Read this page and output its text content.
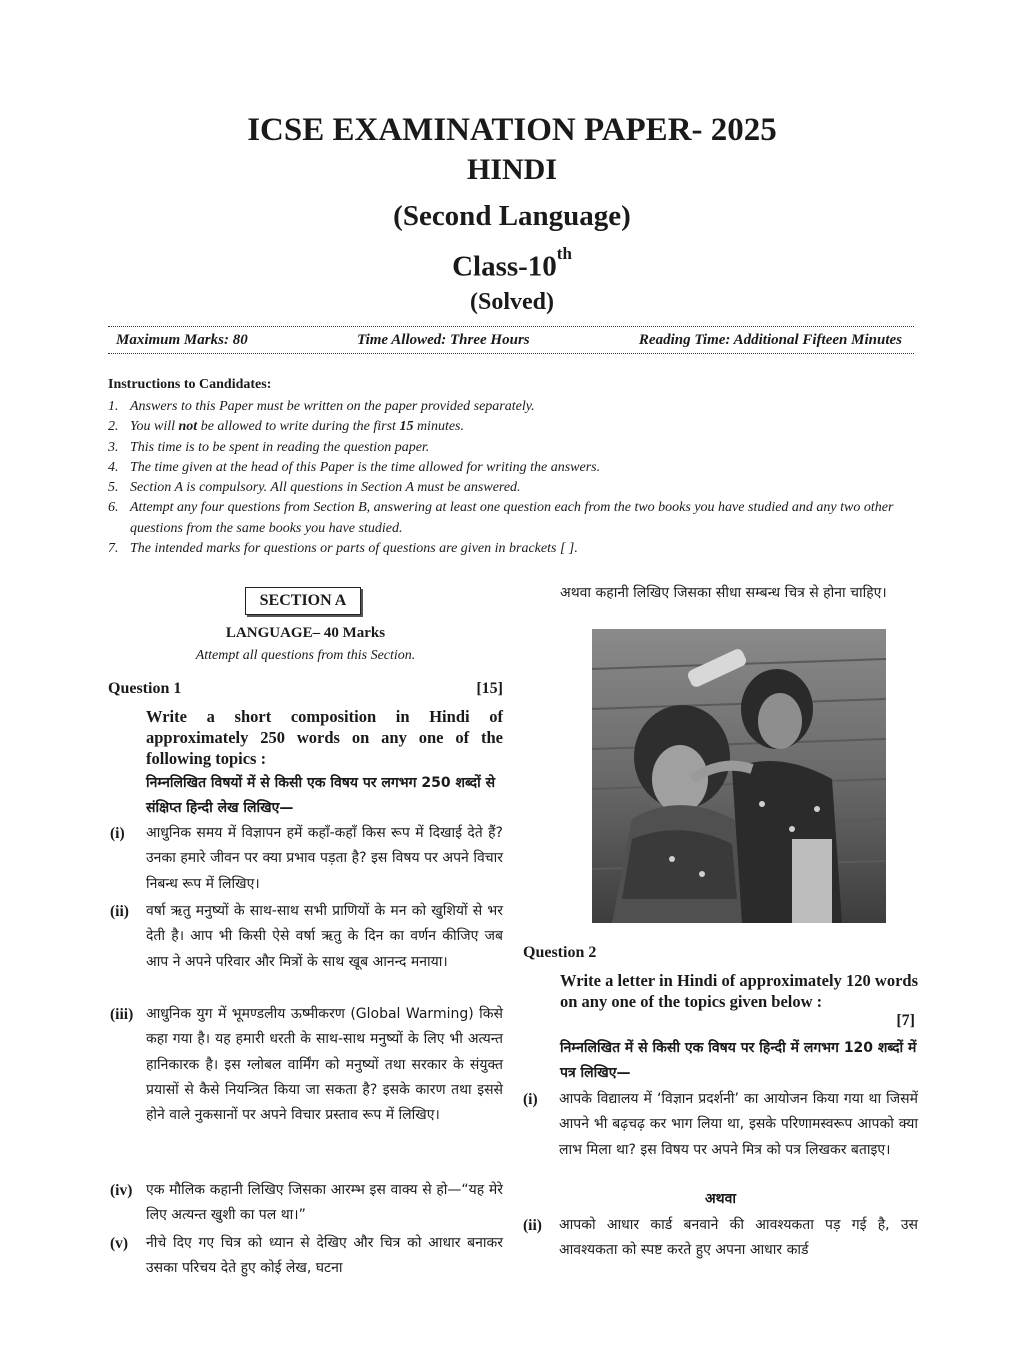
ICSE EXAMINATION PAPER- 2025
HINDI
(Second Language)
Class-10th
(Solved)
Maximum Marks: 80	Time Allowed: Three Hours	Reading Time: Additional Fifteen Minutes
Instructions to Candidates:
1. Answers to this Paper must be written on the paper provided separately.
2. You will not be allowed to write during the first 15 minutes.
3. This time is to be spent in reading the question paper.
4. The time given at the head of this Paper is the time allowed for writing the answers.
5. Section A is compulsory. All questions in Section A must be answered.
6. Attempt any four questions from Section B, answering at least one question each from the two books you have studied and any two other questions from the same books you have studied.
7. The intended marks for questions or parts of questions are given in brackets [ ].
SECTION A
LANGUAGE– 40 Marks
Attempt all questions from this Section.
Question 1	[15]
Write a short composition in Hindi of approximately 250 words on any one of the following topics :
निम्नलिखित विषयों में से किसी एक विषय पर लगभग 250 शब्दों से संक्षिप्त हिन्दी लेख लिखिए—
(i)	आधुनिक समय में विज्ञापन हमें कहाँ-कहाँ किस रूप में दिखाई देते हैं? उनका हमारे जीवन पर क्या प्रभाव पड़ता है? इस विषय पर अपने विचार निबन्ध रूप में लिखिए।
(ii)	वर्षा ऋतु मनुष्यों के साथ-साथ सभी प्राणियों के मन को खुशियों से भर देती है। आप भी किसी ऐसे वर्षा ऋतु के दिन का वर्णन कीजिए जब आप ने अपने परिवार और मित्रों के साथ खूब आनन्द मनाया।
(iii) आधुनिक युग में भूमण्डलीय ऊष्मीकरण (Global Warming) किसे कहा गया है। यह हमारी धरती के साथ-साथ मनुष्यों के लिए भी अत्यन्त हानिकारक है। इस ग्लोबल वार्मिंग को मनुष्यों तथा सरकार के संयुक्त प्रयासों से कैसे नियन्त्रित किया जा सकता है? इसके कारण तथा इससे होने वाले नुकसानों पर अपने विचार प्रस्ताव रूप में लिखिए।
(iv) एक मौलिक कहानी लिखिए जिसका आरम्भ इस वाक्य से हो—“यह मेरे लिए अत्यन्त खुशी का पल था।”
(v)	नीचे दिए गए चित्र को ध्यान से देखिए और चित्र को आधार बनाकर उसका परिचय देते हुए कोई लेख, घटना
अथवा कहानी लिखिए जिसका सीधा सम्बन्ध चित्र से होना चाहिए।
Question 2
Write a letter in Hindi of approximately 120 words on any one of the topics given below :
[7]
निम्नलिखित में से किसी एक विषय पर हिन्दी में लगभग 120 शब्दों में पत्र लिखिए—
(i)	आपके विद्यालय में ‘विज्ञान प्रदर्शनी’ का आयोजन किया गया था जिसमें आपने भी बढ़चढ़ कर भाग लिया था, इसके परिणामस्वरूप आपको क्या लाभ मिला था? इस विषय पर अपने मित्र को पत्र लिखकर बताइए।
अथवा
(ii)	आपको आधार कार्ड बनवाने की आवश्यकता पड़ गई है, उस आवश्यकता को स्पष्ट करते हुए अपना आधार कार्ड
